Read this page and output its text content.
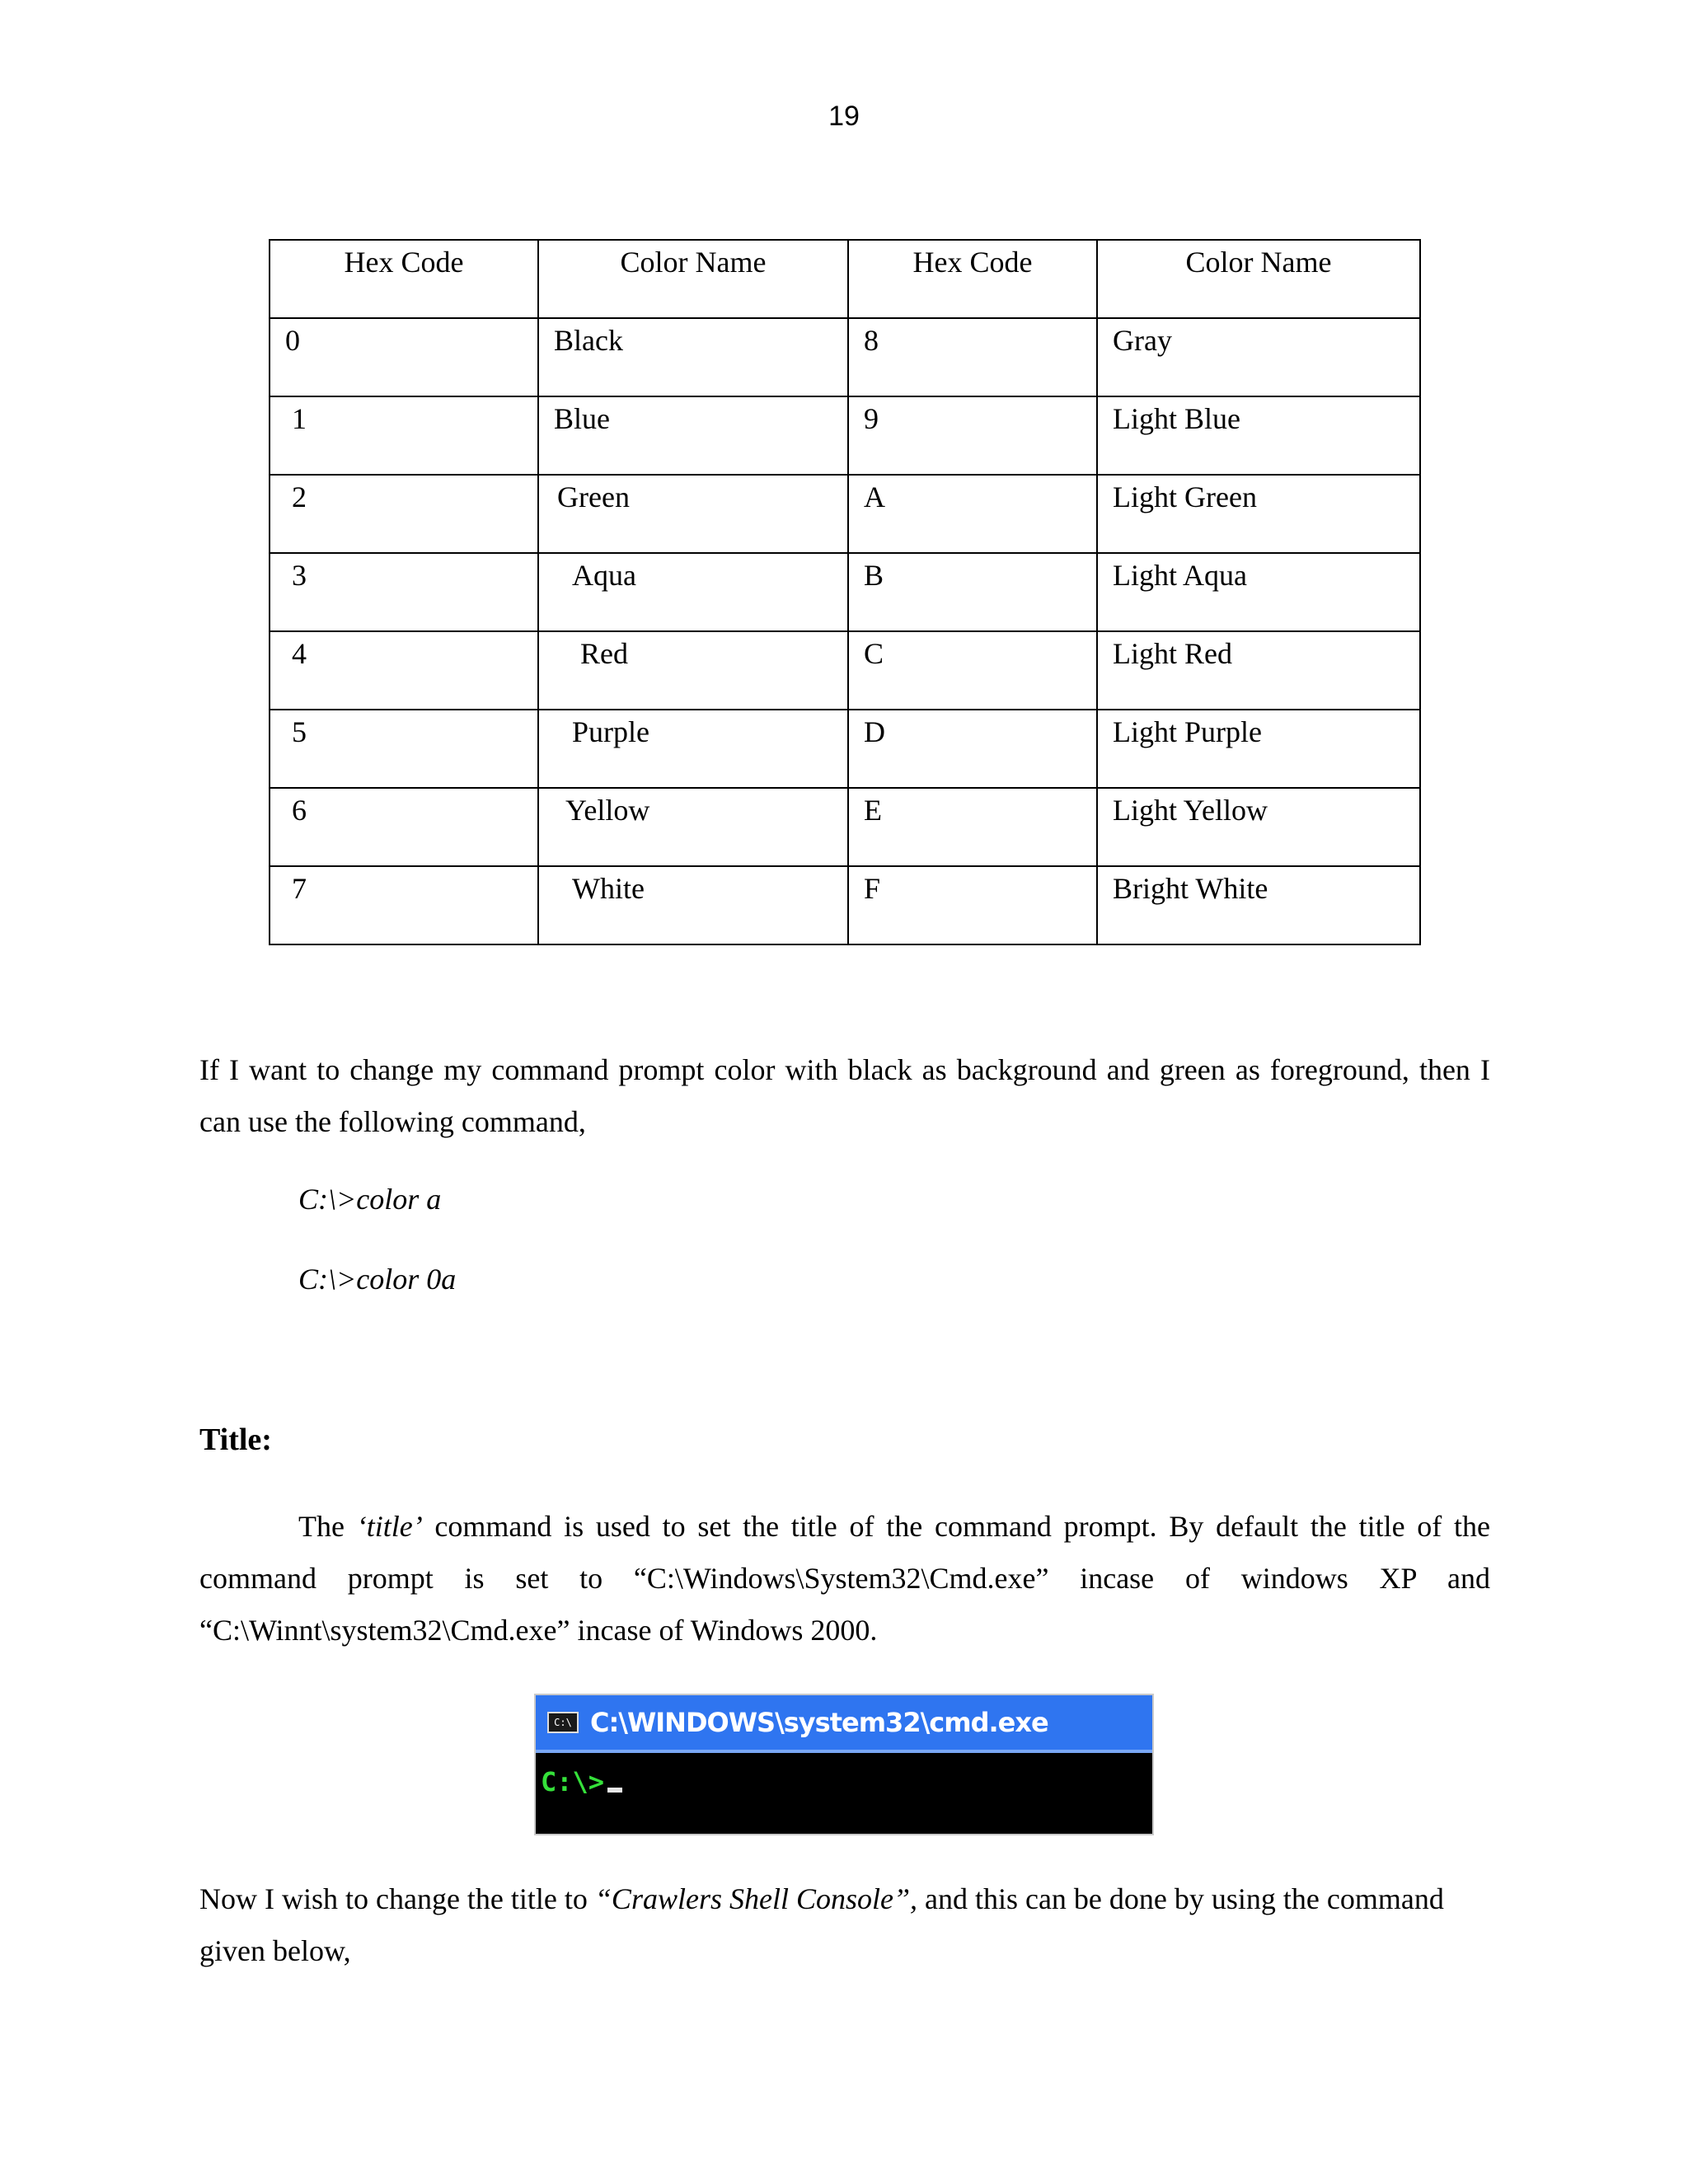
19
Hex Code	Color Name	Hex Code	Color Name
0	Black	8	Gray
1	Blue	9	Light Blue
2	Green	A	Light Green
3	Aqua	B	Light Aqua
4	Red	C	Light Red
5	Purple	D	Light Purple
6	Yellow	E	Light Yellow
7	White	F	Bright White

If I want to change my command prompt color with black as background and green as foreground, then I can use the following command,

C:\>color a

C:\>color 0a

Title:

The ‘title’ command is used to set the title of the command prompt. By default the title of the command prompt is set to “C:\Windows\System32\Cmd.exe” incase of windows XP and “C:\Winnt\system32\Cmd.exe” incase of Windows 2000.

C:\ C:\WINDOWS\system32\cmd.exe
C:\>

Now I wish to change the title to “Crawlers Shell Console”, and this can be done by using the command given below,
